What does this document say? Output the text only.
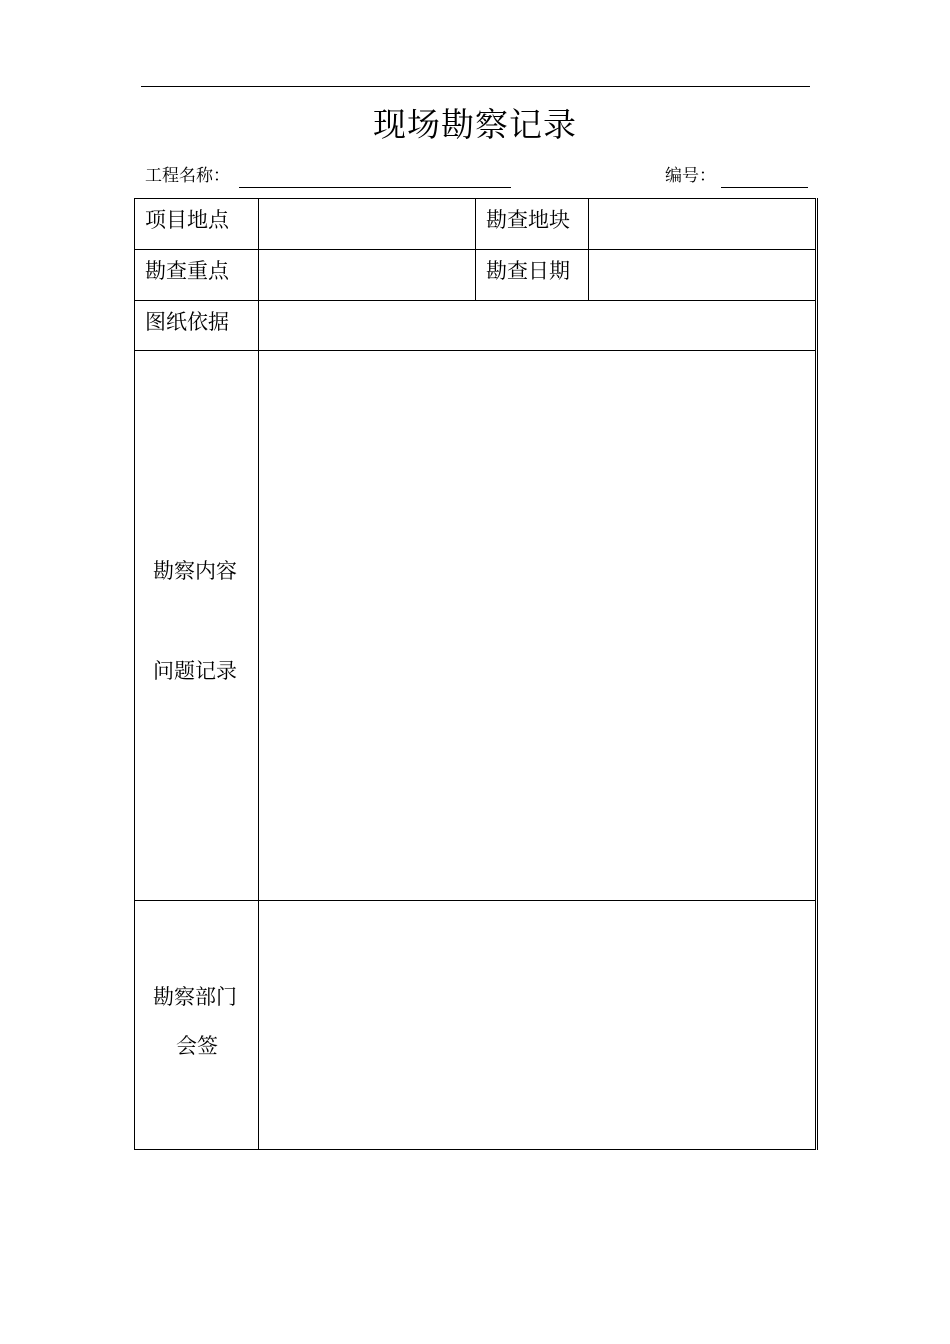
现场勘察记录
工程名称：	编号：
项目地点	勘查地块
勘查重点	勘查日期
图纸依据
勘察内容
问题记录
勘察部门
会签
